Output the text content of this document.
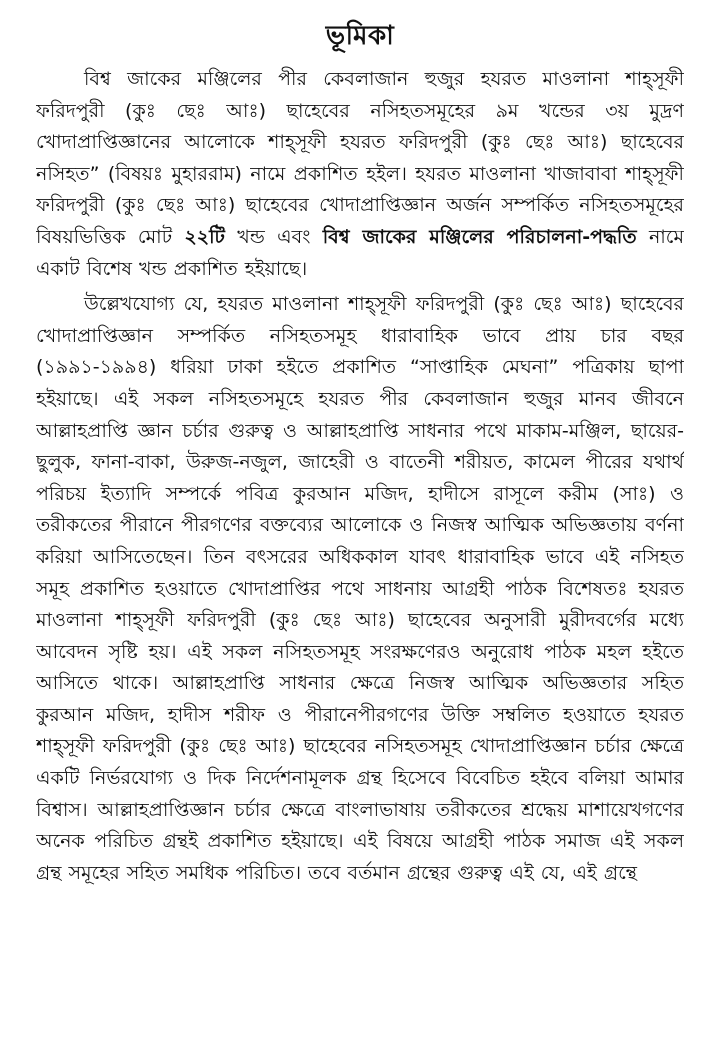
ভূমিকা

বিশ্ব জাকের মঞ্জিলের পীর কেবলাজান হুজুর হযরত মাওলানা শাহ্‌সূফী ফরিদপুরী (কুঃ ছেঃ আঃ) ছাহেবের নসিহতসমূহের ৯ম খন্ডের ৩য় মুদ্রণ খোদাপ্রাপ্তিজ্ঞানের আলোকে শাহ্‌সূফী হযরত ফরিদপুরী (কুঃ ছেঃ আঃ) ছাহেবের নসিহত” (বিষয়ঃ মুহাররাম) নামে প্রকাশিত হইল। হযরত মাওলানা খাজাবাবা শাহ্‌সূফী ফরিদপুরী (কুঃ ছেঃ আঃ) ছাহেবের খোদাপ্রাপ্তিজ্ঞান অর্জন সম্পর্কিত নসিহতসমূহের বিষয়ভিত্তিক মোট ২২টি খন্ড এবং বিশ্ব জাকের মঞ্জিলের পরিচালনা-পদ্ধতি নামে একাট বিশেষ খন্ড প্রকাশিত হইয়াছে।

উল্লেখযোগ্য যে, হযরত মাওলানা শাহ্‌সূফী ফরিদপুরী (কুঃ ছেঃ আঃ) ছাহেবের খোদাপ্রাপ্তিজ্ঞান সম্পর্কিত নসিহতসমূহ ধারাবাহিক ভাবে প্রায় চার বছর (১৯৯১-১৯৯৪) ধরিয়া ঢাকা হইতে প্রকাশিত “সাপ্তাহিক মেঘনা” পত্রিকায় ছাপা হইয়াছে। এই সকল নসিহতসমূহে হযরত পীর কেবলাজান হুজুর মানব জীবনে আল্লাহপ্রাপ্তি জ্ঞান চর্চার গুরুত্ব ও আল্লাহপ্রাপ্তি সাধনার পথে মাকাম-মঞ্জিল, ছায়ের-ছুলুক, ফানা-বাকা, উরুজ-নজুল, জাহেরী ও বাতেনী শরীয়ত, কামেল পীরের যথার্থ পরিচয় ইত্যাদি সম্পর্কে পবিত্র কুরআন মজিদ, হাদীসে রাসূলে করীম (সাঃ) ও তরীকতের পীরানে পীরগণের বক্তব্যের আলোকে ও নিজস্ব আত্মিক অভিজ্ঞতায় বর্ণনা করিয়া আসিতেছেন। তিন বৎসরের অধিককাল যাবৎ ধারাবাহিক ভাবে এই নসিহত সমূহ প্রকাশিত হওয়াতে খোদাপ্রাপ্তির পথে সাধনায় আগ্রহী পাঠক বিশেষতঃ হযরত মাওলানা শাহ্‌সূফী ফরিদপুরী (কুঃ ছেঃ আঃ) ছাহেবের অনুসারী মুরীদবর্গের মধ্যে আবেদন সৃষ্টি হয়। এই সকল নসিহতসমূহ সংরক্ষণেরও অনুরোধ পাঠক মহল হইতে আসিতে থাকে। আল্লাহপ্রাপ্তি সাধনার ক্ষেত্রে নিজস্ব আত্মিক অভিজ্ঞতার সহিত কুরআন মজিদ, হাদীস শরীফ ও পীরানেপীরগণের উক্তি সম্বলিত হওয়াতে হযরত শাহ্‌সূফী ফরিদপুরী (কুঃ ছেঃ আঃ) ছাহেবের নসিহতসমূহ খোদাপ্রাপ্তিজ্ঞান চর্চার ক্ষেত্রে একটি নির্ভরযোগ্য ও দিক নির্দেশনামূলক গ্রন্থ হিসেবে বিবেচিত হইবে বলিয়া আমার বিশ্বাস। আল্লাহপ্রাপ্তিজ্ঞান চর্চার ক্ষেত্রে বাংলাভাষায় তরীকতের শ্রদ্ধেয় মাশায়েখগণের অনেক পরিচিত গ্রন্থই প্রকাশিত হইয়াছে। এই বিষয়ে আগ্রহী পাঠক সমাজ এই সকল গ্রন্থ সমূহের সহিত সমধিক পরিচিত। তবে বর্তমান গ্রন্থের গুরুত্ব এই যে, এই গ্রন্থে
